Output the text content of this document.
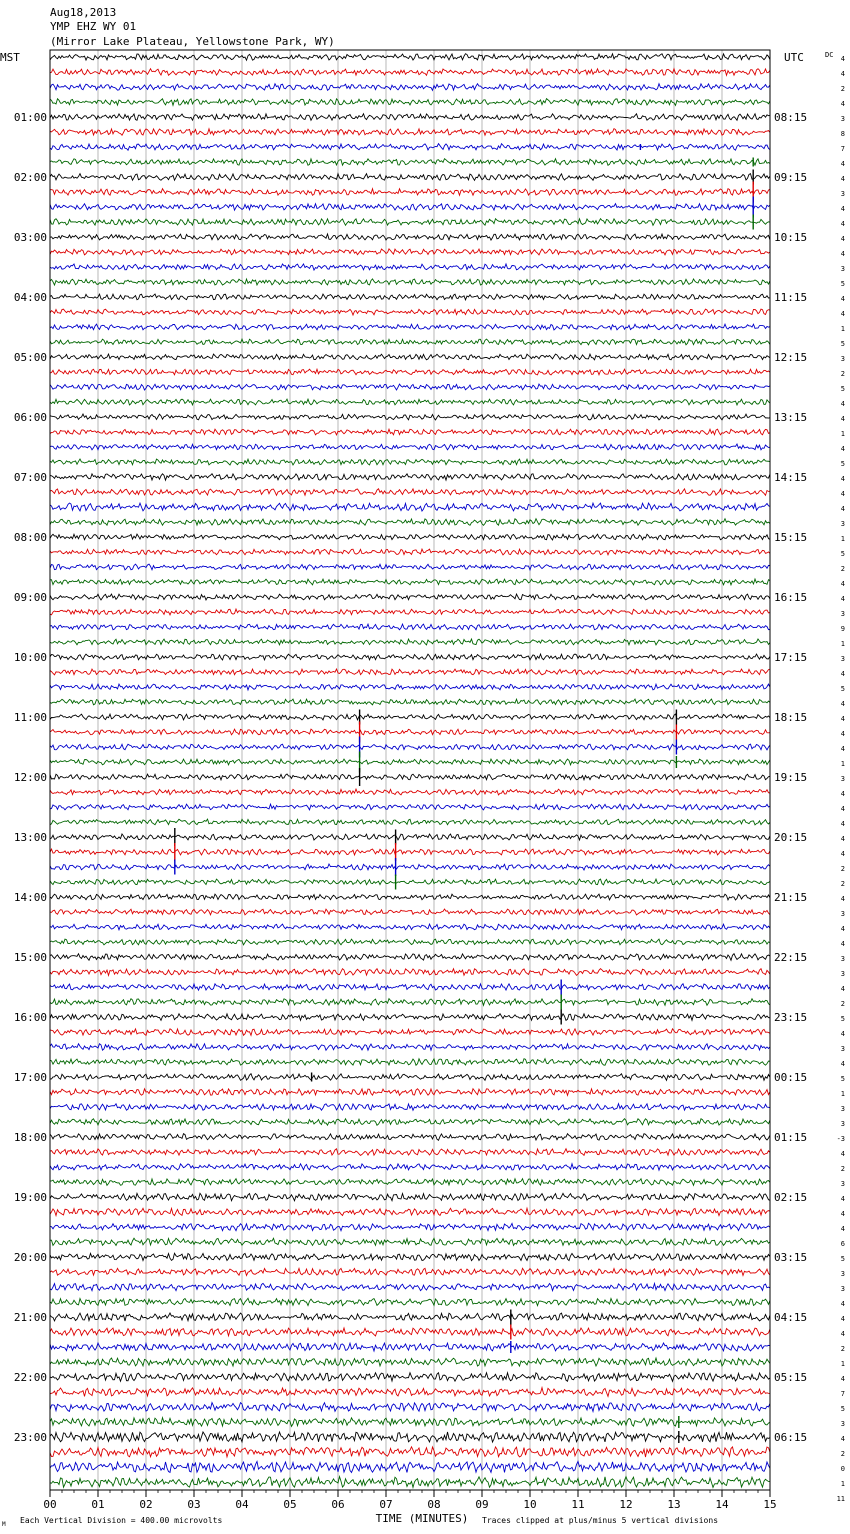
Aug18,2013
YMP EHZ WY 01
(Mirror Lake Plateau, Yellowstone Park, WY)
MST	UTC	DC
01:00
02:00
03:00
04:00
05:00
06:00
07:00
08:00
09:00
10:00
11:00
12:00
13:00
14:00
15:00
16:00
17:00
18:00
19:00
20:00
21:00
22:00
23:00
08:15
09:15
10:15
11:15
12:15
13:15
14:15
15:15
16:15
17:15
18:15
19:15
20:15
21:15
22:15
23:15
00:15
01:15
02:15
03:15
04:15
05:15
06:15
4
4
2
4
3
8
7
4
4
3
4
4
4
4
3
5
4
4
1
5
3
2
5
4
4
1
4
5
4
4
4
3
1
5
2
4
4
3
9
1
3
4
5
4
4
4
4
1
3
4
4
4
4
4
2
2
4
3
4
4
3
3
4
2
5
4
3
4
5
1
3
3
-3
4
2
3
4
4
4
6
5
3
3
4
4
4
2
1
4
7
5
3
4
2
0
1
11
00	01	02	03	04	05	06	07	08	09	10	11	12	13	14	15
TIME (MINUTES)
Each Vertical Division = 400.00 microvolts	Traces clipped at plus/minus 5 vertical divisions
M
